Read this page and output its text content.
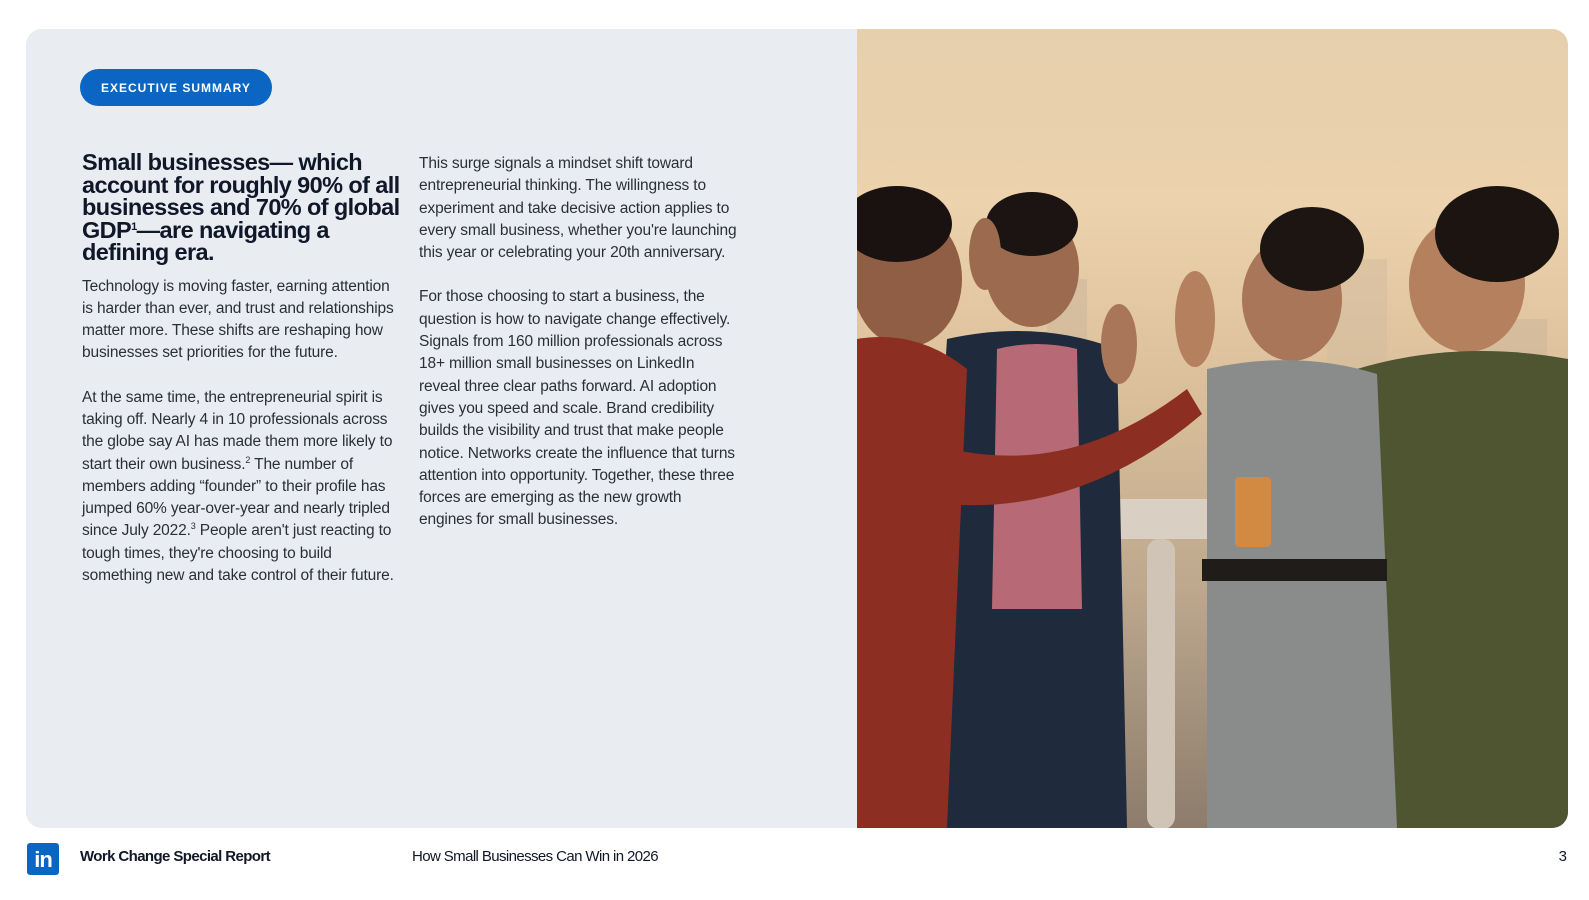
EXECUTIVE SUMMARY
Small businesses— which account for roughly 90% of all businesses and 70% of global GDP$^1$—are navigating a defining era.

Technology is moving faster, earning attention is harder than ever, and trust and relationships matter more. These shifts are reshaping how businesses set priorities for the future.

At the same time, the entrepreneurial spirit is taking off. Nearly 4 in 10 professionals across the globe say AI has made them more likely to start their own business.$^2$ The number of members adding “founder” to their profile has jumped 60% year-over-year and nearly tripled since July 2022.$^3$ People aren't just reacting to tough times, they're choosing to build something new and take control of their future.

This surge signals a mindset shift toward entrepreneurial thinking. The willingness to experiment and take decisive action applies to every small business, whether you're launching this year or celebrating your 20th anniversary.

For those choosing to start a business, the question is how to navigate change effectively. Signals from 160 million professionals across 18+ million small businesses on LinkedIn reveal three clear paths forward. AI adoption gives you speed and scale. Brand credibility builds the visibility and trust that make people notice. Networks create the influence that turns attention into opportunity. Together, these three forces are emerging as the new growth engines for small businesses.

in	Work Change Special Report	How Small Businesses Can Win in 2026	3
